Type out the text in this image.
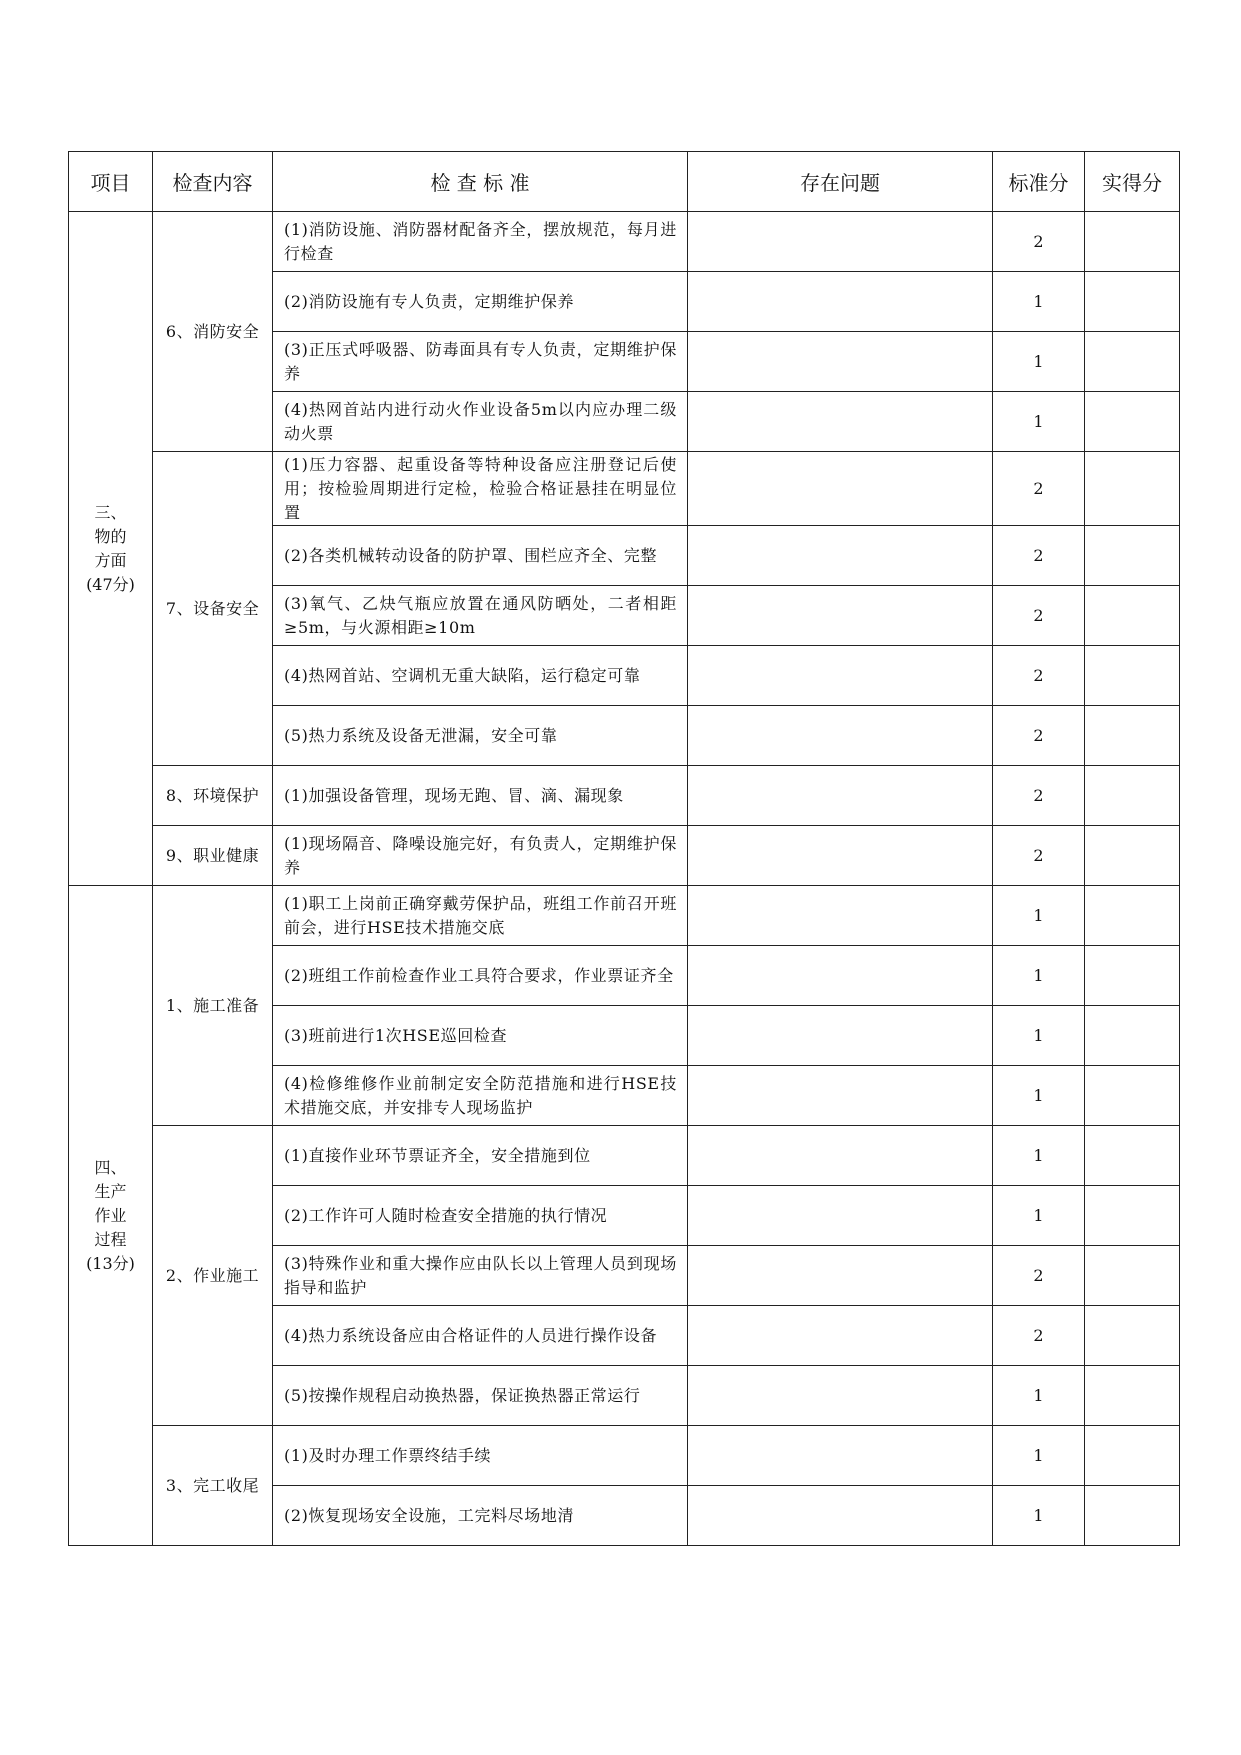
项目	检查内容	检 查 标 准	存在问题	标准分	实得分

三、
物的
方面
(47分)	6、消防安全	(1)消防设施、消防器材配备齐全，摆放规范，每月进行检查		2	
		(2)消防设施有专人负责，定期维护保养		1	
		(3)正压式呼吸器、防毒面具有专人负责，定期维护保养		1	
		(4)热网首站内进行动火作业设备5m以内应办理二级动火票		1	
	7、设备安全	(1)压力容器、起重设备等特种设备应注册登记后使用；按检验周期进行定检，检验合格证悬挂在明显位置		2	
		(2)各类机械转动设备的防护罩、围栏应齐全、完整		2	
		(3)氧气、乙炔气瓶应放置在通风防晒处，二者相距≥5m，与火源相距≥10m		2	
		(4)热网首站、空调机无重大缺陷，运行稳定可靠		2	
		(5)热力系统及设备无泄漏，安全可靠		2	
	8、环境保护	(1)加强设备管理，现场无跑、冒、滴、漏现象		2	
	9、职业健康	(1)现场隔音、降噪设施完好，有负责人，定期维护保养		2	

四、
生产
作业
过程
(13分)	1、施工准备	(1)职工上岗前正确穿戴劳保护品，班组工作前召开班前会，进行HSE技术措施交底		1	
		(2)班组工作前检查作业工具符合要求，作业票证齐全		1	
		(3)班前进行1次HSE巡回检查		1	
		(4)检修维修作业前制定安全防范措施和进行HSE技术措施交底，并安排专人现场监护		1	
	2、作业施工	(1)直接作业环节票证齐全，安全措施到位		1	
		(2)工作许可人随时检查安全措施的执行情况		1	
		(3)特殊作业和重大操作应由队长以上管理人员到现场指导和监护		2	
		(4)热力系统设备应由合格证件的人员进行操作设备		2	
		(5)按操作规程启动换热器，保证换热器正常运行		1	
	3、完工收尾	(1)及时办理工作票终结手续		1	
		(2)恢复现场安全设施，工完料尽场地清		1	
